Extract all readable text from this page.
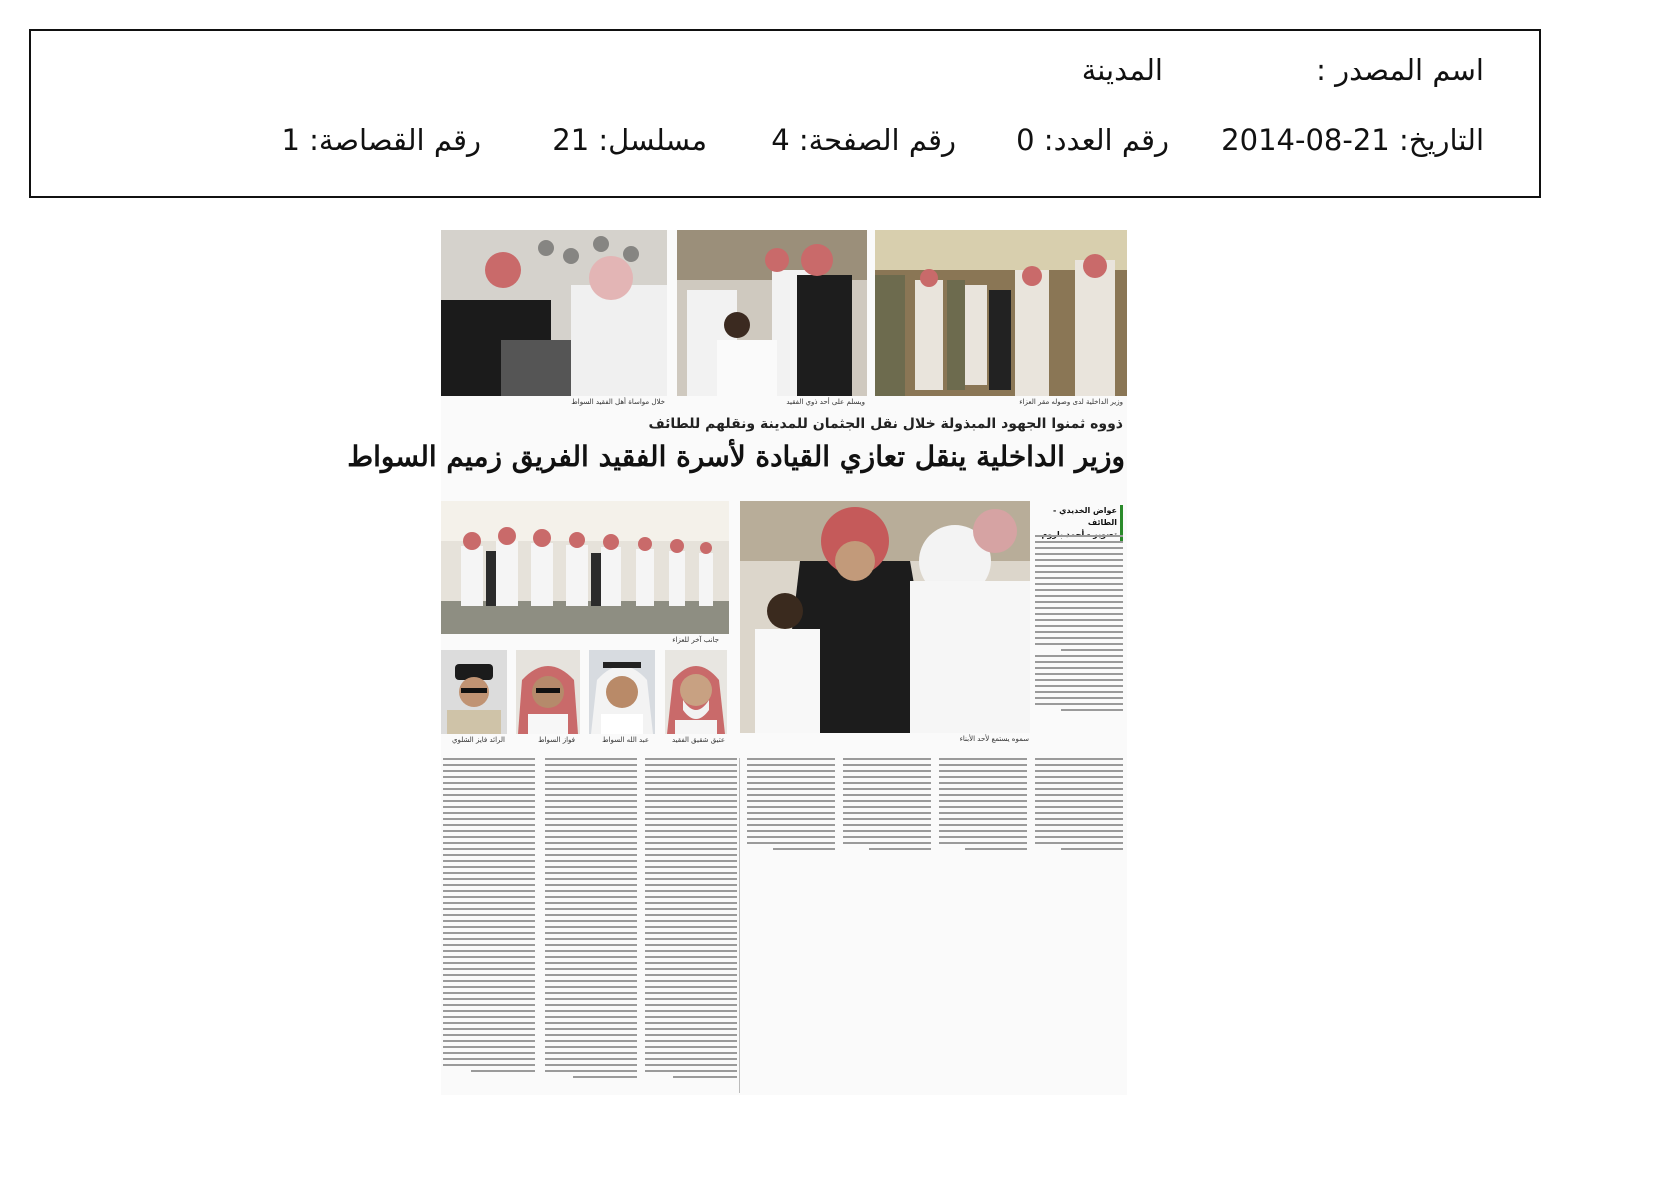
اسم المصدر :
المدينة
التاريخ: 21-08-2014
رقم العدد: 0
رقم الصفحة: 4
مسلسل: 21
رقم القصاصة: 1
وزير الداخلية لدى وصوله مقر العزاء
ويسلم على أحد ذوي الفقيد
خلال مواساة أهل الفقيد السواط
ذووه ثمنوا الجهود المبذولة خلال نقل الجثمان للمدينة ونقلهم للطائف
وزير الداخلية ينقل تعازي القيادة لأسرة الفقيد الفريق زميم السواط
عواض الخديدي - الطائف
سموه يستمع لأحد الأبناء
جانب آخر للعزاء
عتيق شقيق الفقيد
عبد الله السواط
فواز السواط
الرائد فايز الشلوي
